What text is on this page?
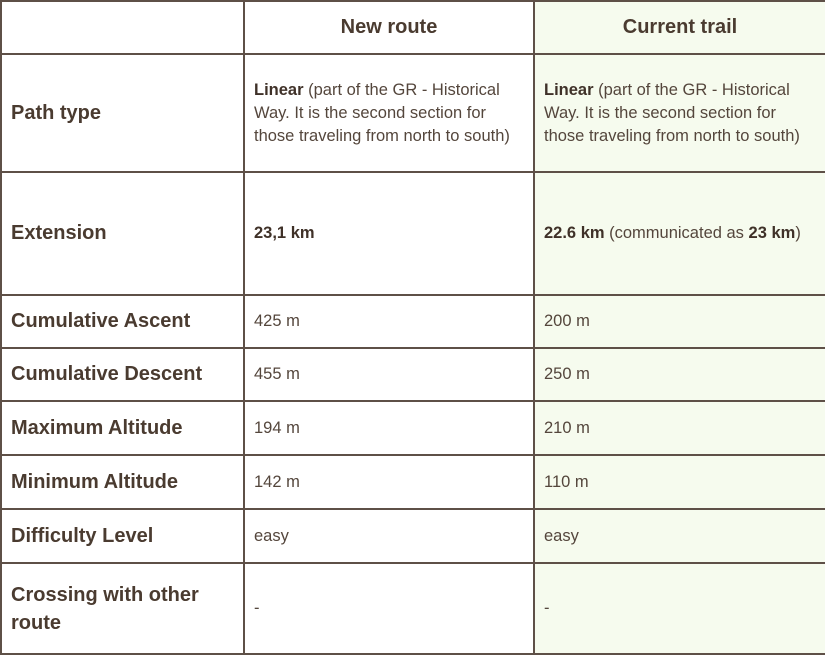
	New route	Current trail
Path type	Linear (part of the GR - Historical Way. It is the second section for those traveling from north to south)	Linear (part of the GR - Historical Way. It is the second section for those traveling from north to south)
Extension	23,1 km	22.6 km (communicated as 23 km)
Cumulative Ascent	425 m	200 m
Cumulative Descent	455 m	250 m
Maximum Altitude	194 m	210 m
Minimum Altitude	142 m	110 m
Difficulty Level	easy	easy
Crossing with other route	-	-
